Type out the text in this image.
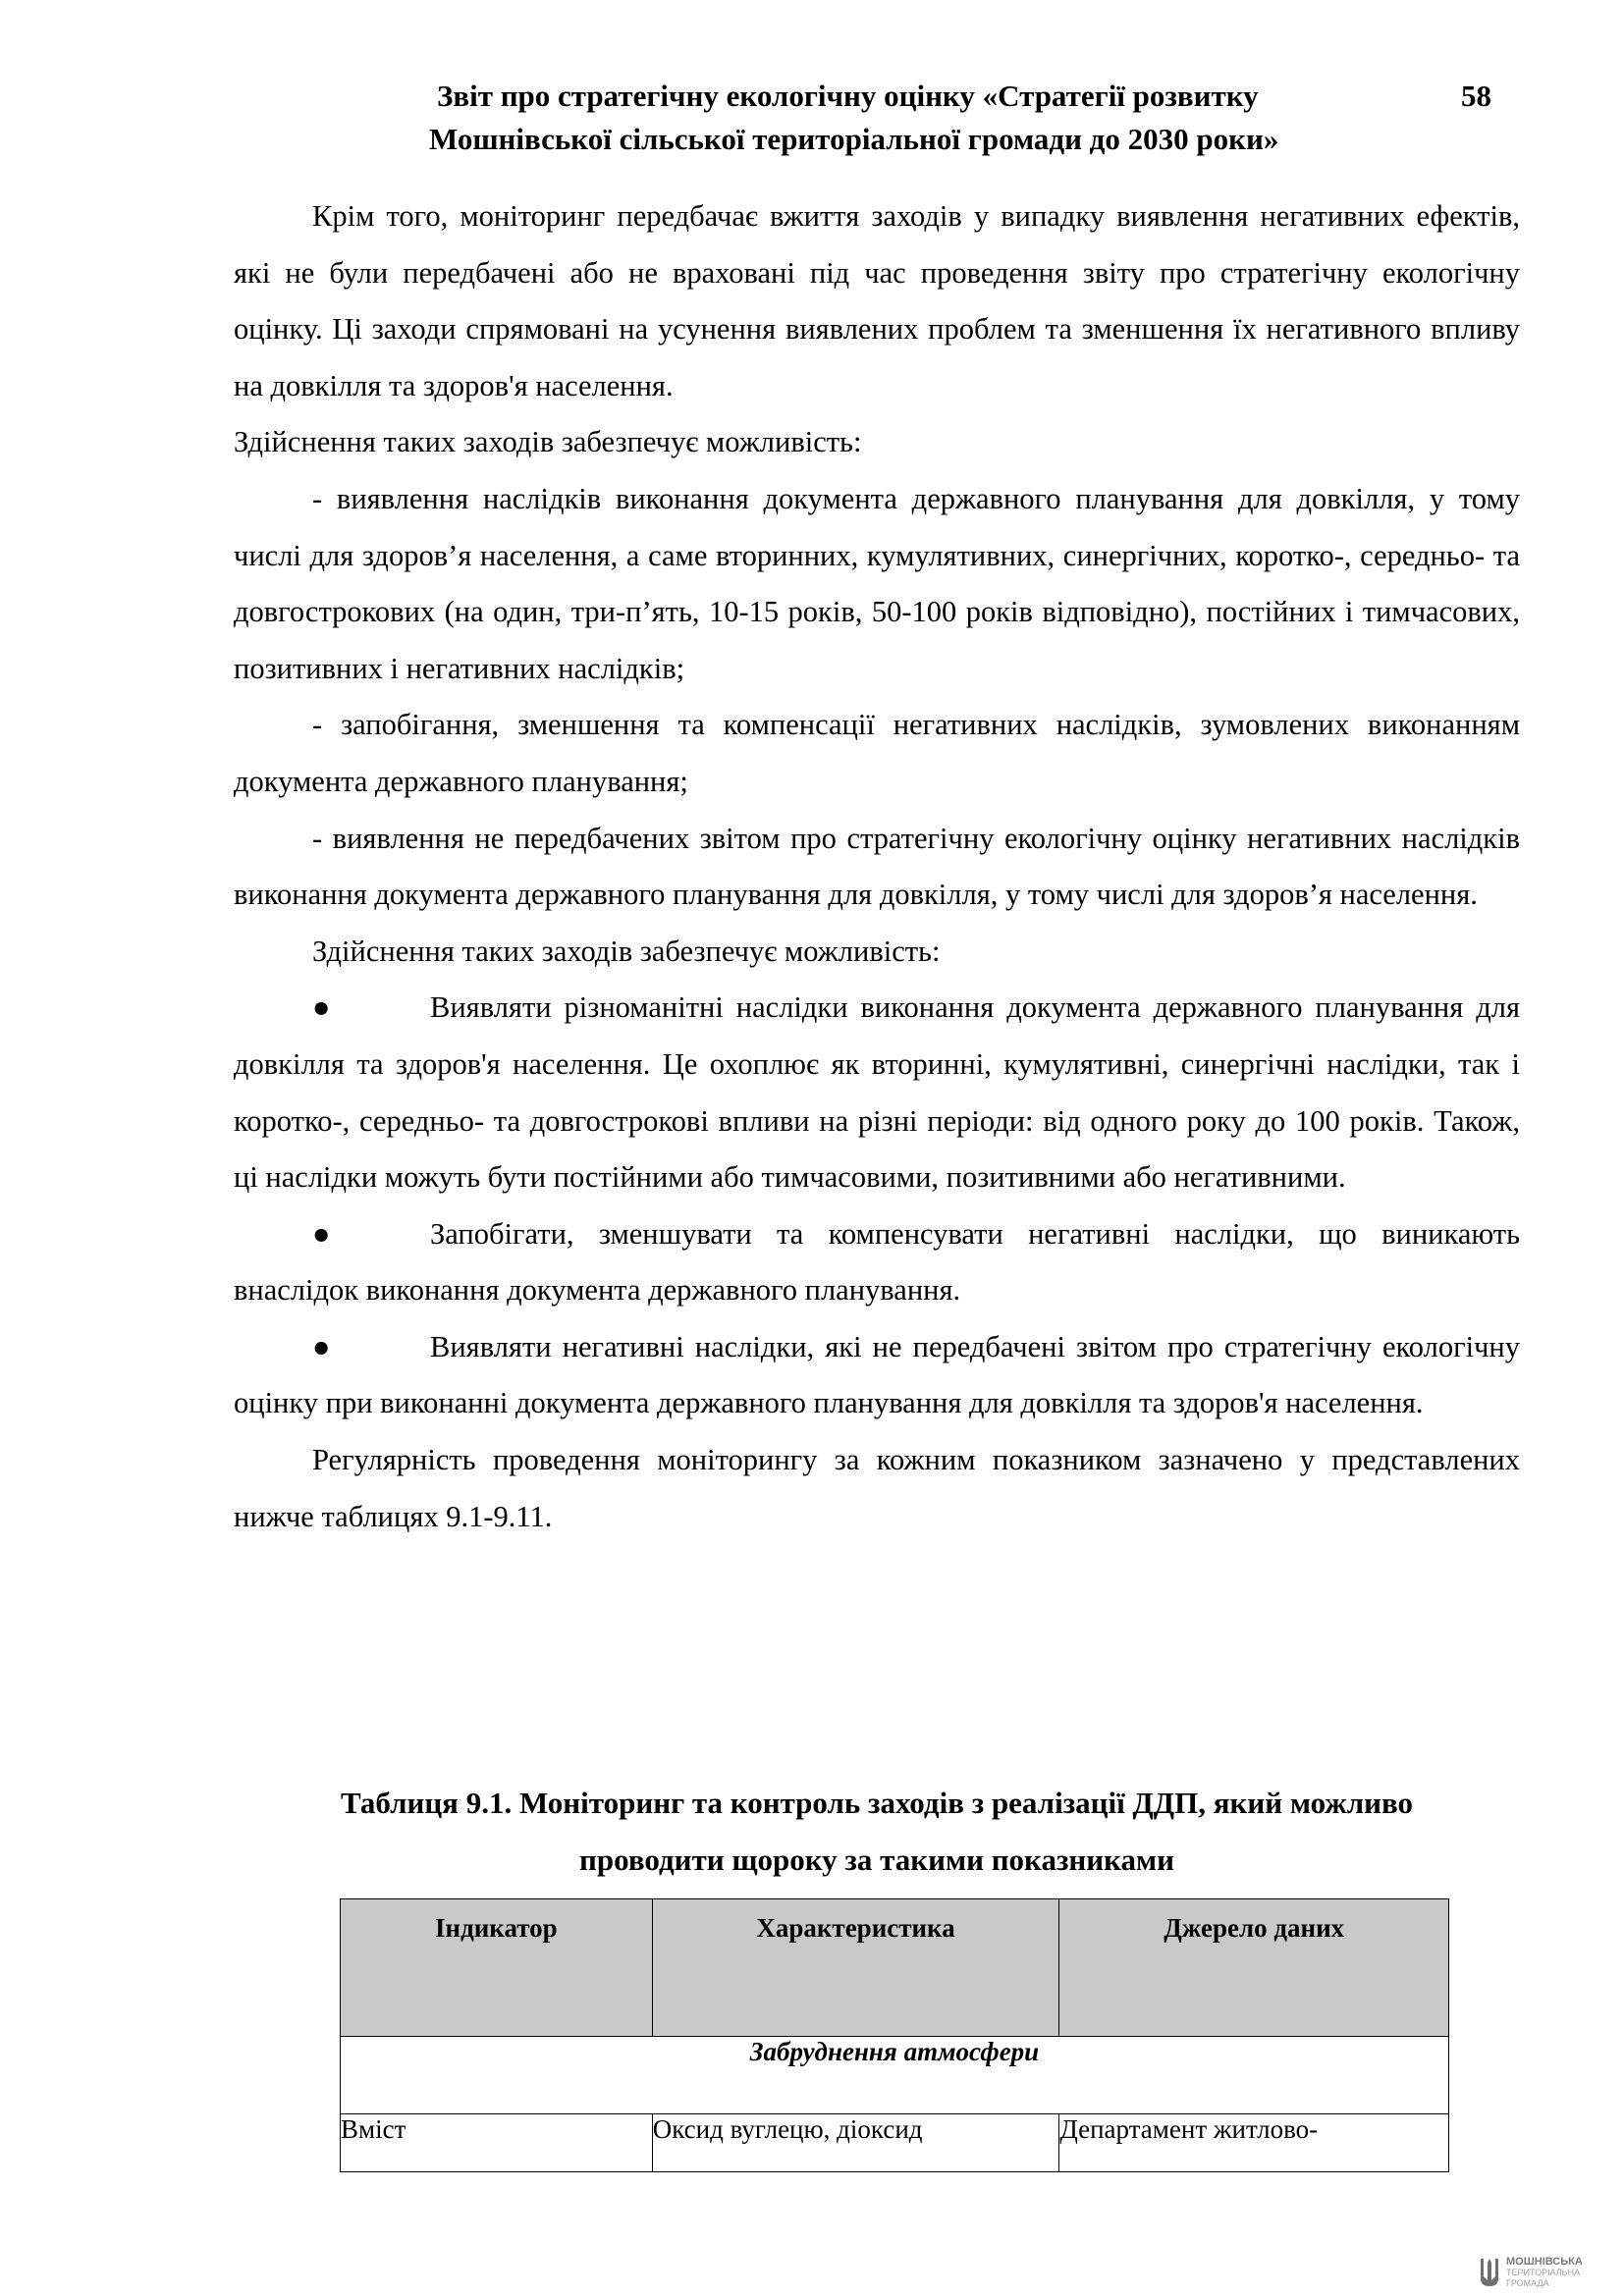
Звіт про стратегічну екологічну оцінку «Стратегії розвитку	58
Мошнівської сільської територіальної громади до 2030 роки»

Крім того, моніторинг передбачає вжиття заходів у випадку виявлення негативних ефектів, які не були передбачені або не враховані під час проведення звіту про стратегічну екологічну оцінку. Ці заходи спрямовані на усунення виявлених проблем та зменшення їх негативного впливу на довкілля та здоров'я населення.

Здійснення таких заходів забезпечує можливість:

- виявлення наслідків виконання документа державного планування для довкілля, у тому числі для здоров’я населення, а саме вторинних, кумулятивних, синергічних, коротко-, середньо- та довгострокових (на один, три-п’ять, 10-15 років, 50-100 років відповідно), постійних і тимчасових, позитивних і негативних наслідків;

- запобігання, зменшення та компенсації негативних наслідків, зумовлених виконанням документа державного планування;

- виявлення не передбачених звітом про стратегічну екологічну оцінку негативних наслідків виконання документа державного планування для довкілля, у тому числі для здоров’я населення.

Здійснення таких заходів забезпечує можливість:

●	Виявляти різноманітні наслідки виконання документа державного планування для довкілля та здоров'я населення. Це охоплює як вторинні, кумулятивні, синергічні наслідки, так і коротко-, середньо- та довгострокові впливи на різні періоди: від одного року до 100 років. Також, ці наслідки можуть бути постійними або тимчасовими, позитивними або негативними.

●	Запобігати, зменшувати та компенсувати негативні наслідки, що виникають внаслідок виконання документа державного планування.

●	Виявляти негативні наслідки, які не передбачені звітом про стратегічну екологічну оцінку при виконанні документа державного планування для довкілля та здоров'я населення.

Регулярність проведення моніторингу за кожним показником зазначено у представлених нижче таблицях 9.1-9.11.

Таблиця 9.1. Моніторинг та контроль заходів з реалізації ДДП, який можливо
проводити щороку за такими показниками
Індикатор	Характеристика	Джерело даних
Забруднення атмосфери		
Вміст	Оксид вуглецю, діоксид	Департамент житлово-
МОШНІВСЬКА
ТЕРИТОРІАЛЬНА
ГРОМАДА
